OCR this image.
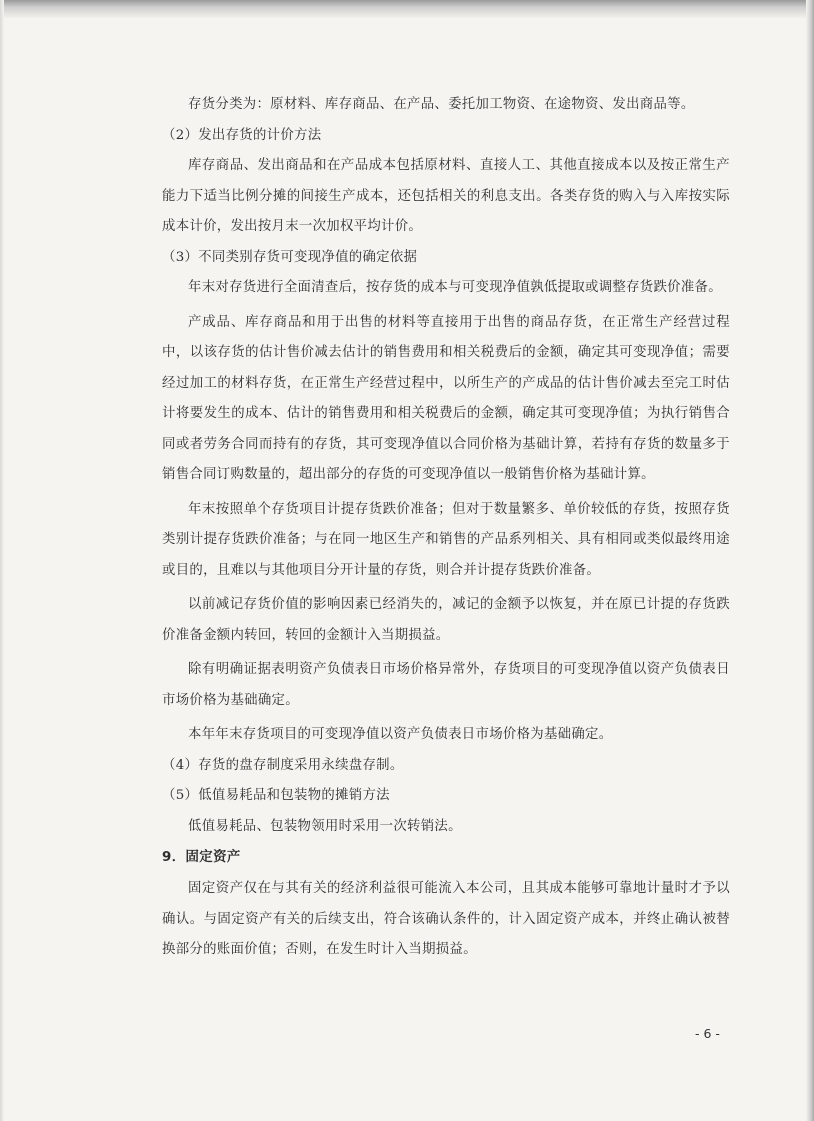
存货分类为：原材料、库存商品、在产品、委托加工物资、在途物资、发出商品等。

（2）发出存货的计价方法

库存商品、发出商品和在产品成本包括原材料、直接人工、其他直接成本以及按正常生产能力下适当比例分摊的间接生产成本，还包括相关的利息支出。各类存货的购入与入库按实际成本计价，发出按月末一次加权平均计价。

（3）不同类别存货可变现净值的确定依据

年末对存货进行全面清查后，按存货的成本与可变现净值孰低提取或调整存货跌价准备。

产成品、库存商品和用于出售的材料等直接用于出售的商品存货，在正常生产经营过程中，以该存货的估计售价减去估计的销售费用和相关税费后的金额，确定其可变现净值；需要经过加工的材料存货，在正常生产经营过程中，以所生产的产成品的估计售价减去至完工时估计将要发生的成本、估计的销售费用和相关税费后的金额，确定其可变现净值；为执行销售合同或者劳务合同而持有的存货，其可变现净值以合同价格为基础计算，若持有存货的数量多于销售合同订购数量的，超出部分的存货的可变现净值以一般销售价格为基础计算。

年末按照单个存货项目计提存货跌价准备；但对于数量繁多、单价较低的存货，按照存货类别计提存货跌价准备；与在同一地区生产和销售的产品系列相关、具有相同或类似最终用途或目的，且难以与其他项目分开计量的存货，则合并计提存货跌价准备。

以前减记存货价值的影响因素已经消失的，减记的金额予以恢复，并在原已计提的存货跌价准备金额内转回，转回的金额计入当期损益。

除有明确证据表明资产负债表日市场价格异常外，存货项目的可变现净值以资产负债表日市场价格为基础确定。

本年年末存货项目的可变现净值以资产负债表日市场价格为基础确定。

（4）存货的盘存制度采用永续盘存制。

（5）低值易耗品和包装物的摊销方法

低值易耗品、包装物领用时采用一次转销法。

9．固定资产

固定资产仅在与其有关的经济利益很可能流入本公司，且其成本能够可靠地计量时才予以确认。与固定资产有关的后续支出，符合该确认条件的，计入固定资产成本，并终止确认被替换部分的账面价值；否则，在发生时计入当期损益。

- 6 -
